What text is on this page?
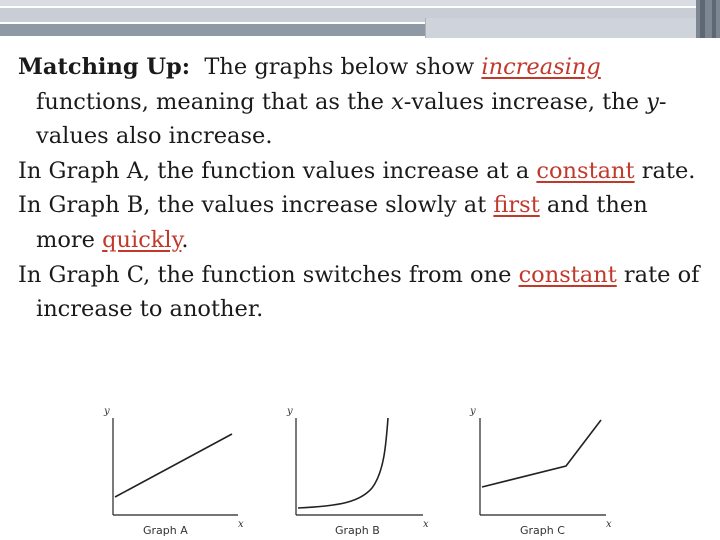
Matching Up:  The graphs below show increasing functions, meaning that as the x-values increase, the y-values also increase.

In Graph A, the function values increase at a constant rate.

In Graph B, the values increase slowly at first and then more quickly.

In Graph C, the function switches from one constant rate of increase to another.

y
x
Graph A
y
x
Graph B
y
x
Graph C
